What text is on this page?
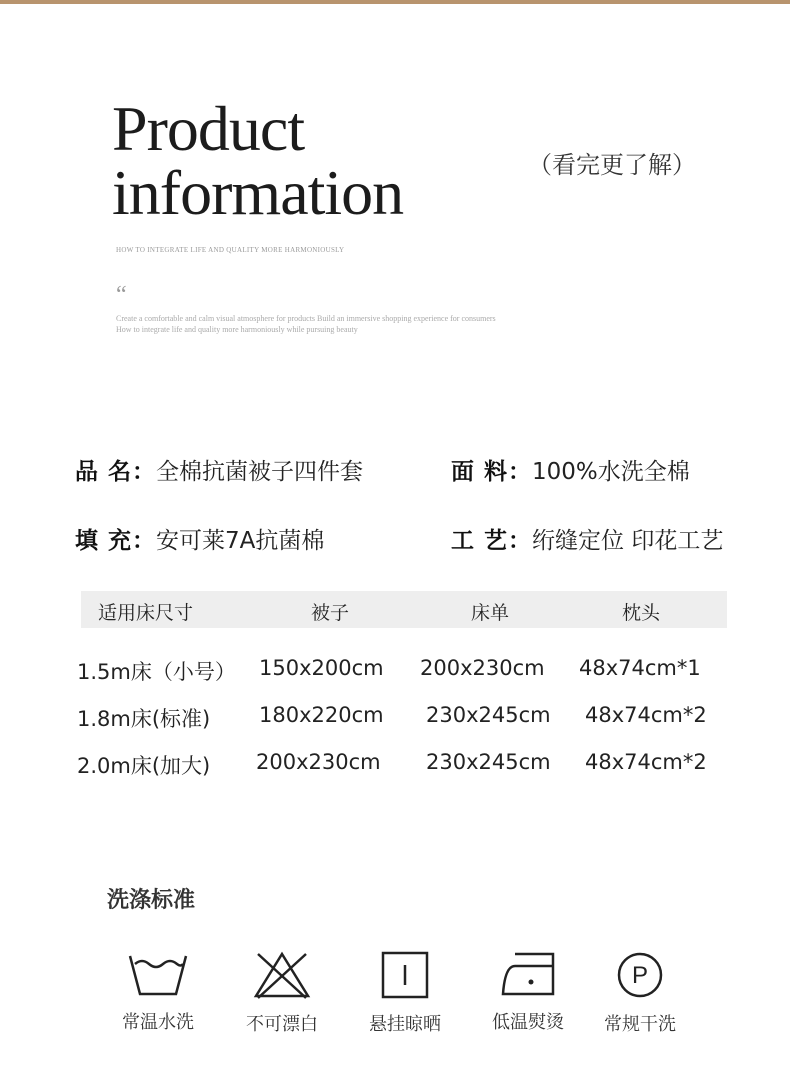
Product
information	（看完更了解）
HOW TO INTEGRATE LIFE AND QUALITY MORE HARMONIOUSLY
“
Create a comfortable and calm visual atmosphere for products Build an immersive shopping experience for consumers How to integrate life and quality more harmoniously while pursuing beauty
品 名：全棉抗菌被子四件套	面 料：100%水洗全棉
填 充：安可莱7A抗菌棉	工 艺：绗缝定位 印花工艺
适用床尺寸	被子	床单	枕头
1.5m床（小号） 150x200cm 200x230cm 48x74cm*1
1.8m床(标准) 180x220cm 230x245cm 48x74cm*2
2.0m床(加大) 200x230cm 230x245cm 48x74cm*2
洗涤标准
常温水洗	不可漂白	悬挂晾晒	低温熨烫
P
常规干洗
